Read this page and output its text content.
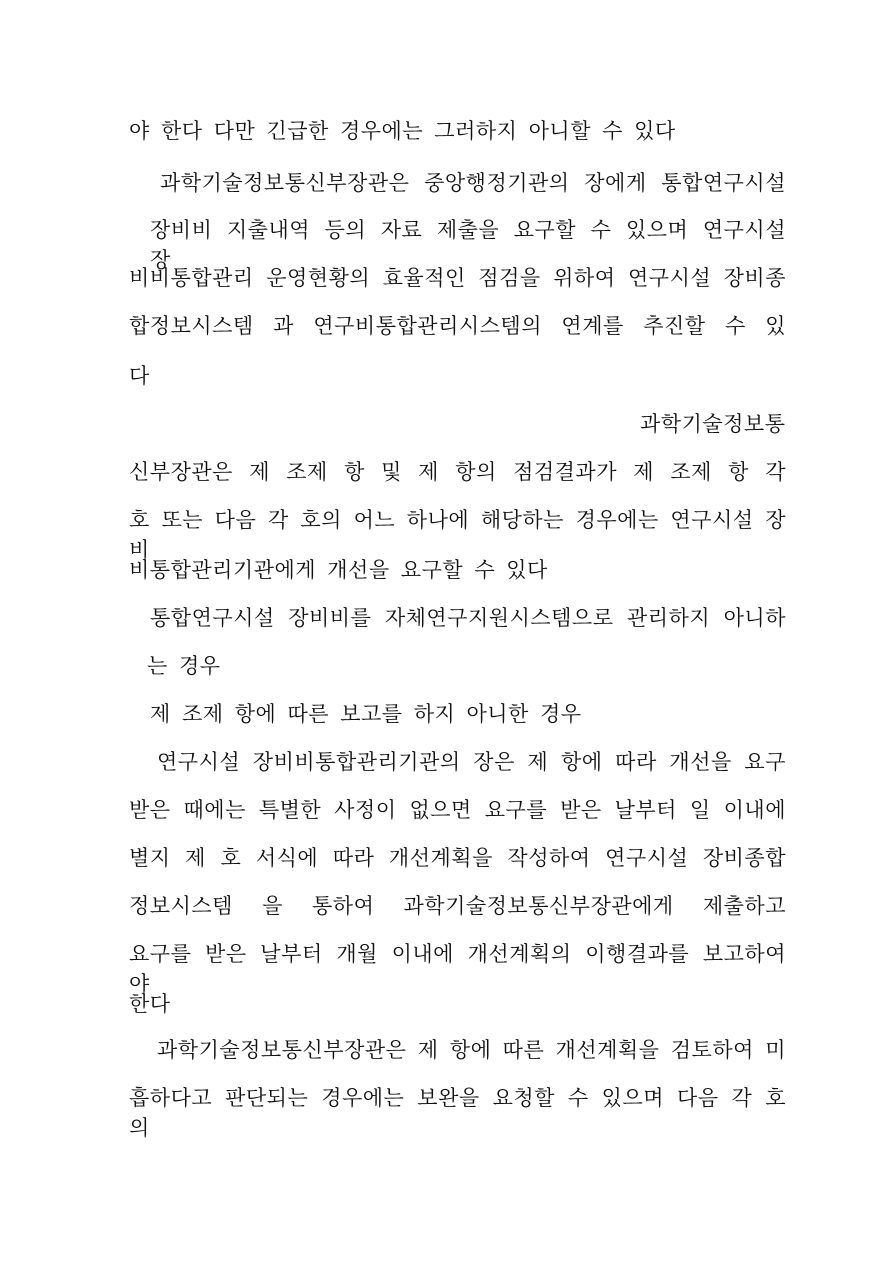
야 한다 다만 긴급한 경우에는 그러하지 아니할 수 있다
과학기술정보통신부장관은 중앙행정기관의 장에게 통합연구시설
장비비 지출내역 등의 자료 제출을 요구할 수 있으며 연구시설 장
비비통합관리 운영현황의 효율적인 점검을 위하여 연구시설 장비종
합정보시스템 과 연구비통합관리시스템의 연계를 추진할 수 있
다
과학기술정보통
신부장관은 제 조제 항 및 제 항의 점검결과가 제 조제 항 각
호 또는 다음 각 호의 어느 하나에 해당하는 경우에는 연구시설 장비
비통합관리기관에게 개선을 요구할 수 있다
통합연구시설 장비비를 자체연구지원시스템으로 관리하지 아니하
는 경우
제 조제 항에 따른 보고를 하지 아니한 경우
연구시설 장비비통합관리기관의 장은 제 항에 따라 개선을 요구
받은 때에는 특별한 사정이 없으면 요구를 받은 날부터 일 이내에
별지 제 호 서식에 따라 개선계획을 작성하여 연구시설 장비종합
정보시스템 을 통하여 과학기술정보통신부장관에게 제출하고
요구를 받은 날부터 개월 이내에 개선계획의 이행결과를 보고하여야
한다
과학기술정보통신부장관은 제 항에 따른 개선계획을 검토하여 미
흡하다고 판단되는 경우에는 보완을 요청할 수 있으며 다음 각 호의
